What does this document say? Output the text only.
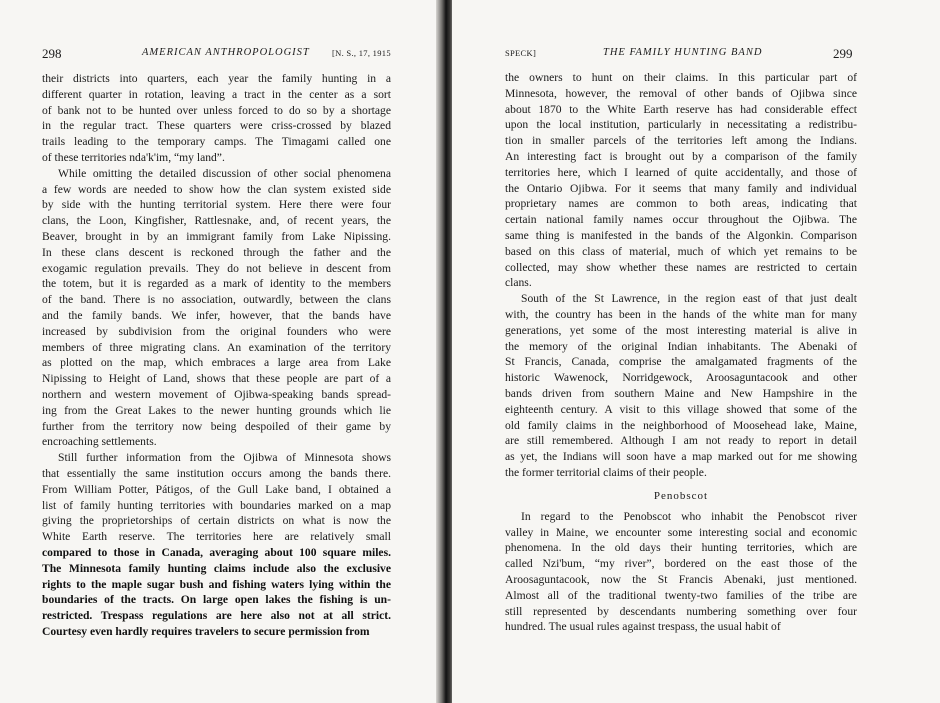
298	AMERICAN ANTHROPOLOGIST	[N. S., 17, 1915
their districts into quarters, each year the family hunting in a
different quarter in rotation, leaving a tract in the center as a sort
of bank not to be hunted over unless forced to do so by a shortage
in the regular tract. These quarters were criss-crossed by blazed
trails leading to the temporary camps. The Timagami called one
of these territories nda'k'im, “my land”.
While omitting the detailed discussion of other social phenomena
a few words are needed to show how the clan system existed side
by side with the hunting territorial system. Here there were four
clans, the Loon, Kingfisher, Rattlesnake, and, of recent years, the
Beaver, brought in by an immigrant family from Lake Nipissing.
In these clans descent is reckoned through the father and the
exogamic regulation prevails. They do not believe in descent from
the totem, but it is regarded as a mark of identity to the members
of the band. There is no association, outwardly, between the clans
and the family bands. We infer, however, that the bands have
increased by subdivision from the original founders who were
members of three migrating clans. An examination of the territory
as plotted on the map, which embraces a large area from Lake
Nipissing to Height of Land, shows that these people are part of a
northern and western movement of Ojibwa-speaking bands spread-
ing from the Great Lakes to the newer hunting grounds which lie
further from the territory now being despoiled of their game by
encroaching settlements.
Still further information from the Ojibwa of Minnesota shows
that essentially the same institution occurs among the bands there.
From William Potter, Pátigos, of the Gull Lake band, I obtained a
list of family hunting territories with boundaries marked on a map
giving the proprietorships of certain districts on what is now the
White Earth reserve. The territories here are relatively small
compared to those in Canada, averaging about 100 square miles.
The Minnesota family hunting claims include also the exclusive
rights to the maple sugar bush and fishing waters lying within the
boundaries of the tracts. On large open lakes the fishing is un-
restricted. Trespass regulations are here also not at all strict.
Courtesy even hardly requires travelers to secure permission from
SPECK]	THE FAMILY HUNTING BAND	299
the owners to hunt on their claims. In this particular part of
Minnesota, however, the removal of other bands of Ojibwa since
about 1870 to the White Earth reserve has had considerable effect
upon the local institution, particularly in necessitating a redistribu-
tion in smaller parcels of the territories left among the Indians.
An interesting fact is brought out by a comparison of the family
territories here, which I learned of quite accidentally, and those of
the Ontario Ojibwa. For it seems that many family and individual
proprietary names are common to both areas, indicating that
certain national family names occur throughout the Ojibwa. The
same thing is manifested in the bands of the Algonkin. Comparison
based on this class of material, much of which yet remains to be
collected, may show whether these names are restricted to certain
clans.
South of the St Lawrence, in the region east of that just dealt
with, the country has been in the hands of the white man for many
generations, yet some of the most interesting material is alive in
the memory of the original Indian inhabitants. The Abenaki of
St Francis, Canada, comprise the amalgamated fragments of the
historic Wawenock, Norridgewock, Aroosaguntacook and other
bands driven from southern Maine and New Hampshire in the
eighteenth century. A visit to this village showed that some of the
old family claims in the neighborhood of Moosehead lake, Maine,
are still remembered. Although I am not ready to report in detail
as yet, the Indians will soon have a map marked out for me showing
the former territorial claims of their people.
Penobscot
In regard to the Penobscot who inhabit the Penobscot river
valley in Maine, we encounter some interesting social and economic
phenomena. In the old days their hunting territories, which are
called Nzi'bum, “my river”, bordered on the east those of the
Aroosaguntacook, now the St Francis Abenaki, just mentioned.
Almost all of the traditional twenty-two families of the tribe are
still represented by descendants numbering something over four
hundred. The usual rules against trespass, the usual habit of
